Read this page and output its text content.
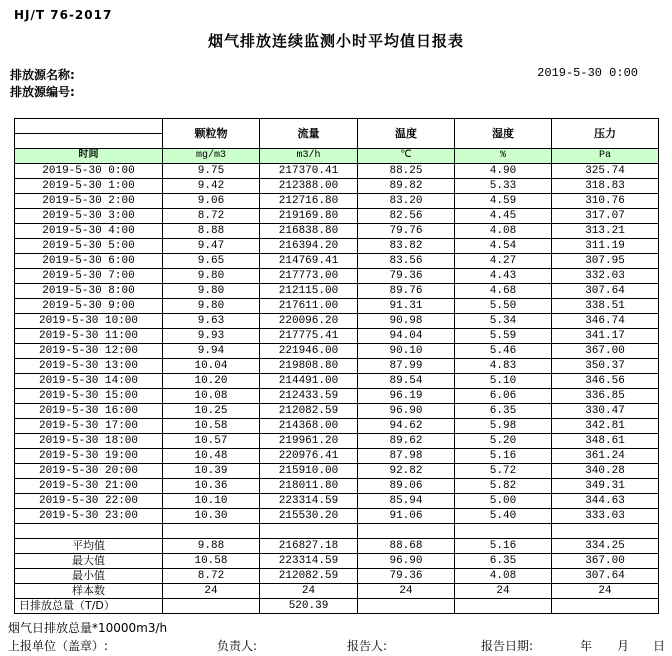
HJ/T 76-2017
烟气排放连续监测小时平均值日报表
排放源名称:	2019-5-30 0:00
排放源编号:
	颗粒物	流量	温度	湿度	压力

时间	mg/m3	m3/h	℃	%	Pa
2019-5-30 0:00	9.75	217370.41	88.25	4.90	325.74
2019-5-30 1:00	9.42	212388.00	89.82	5.33	318.83
2019-5-30 2:00	9.06	212716.80	83.20	4.59	310.76
2019-5-30 3:00	8.72	219169.80	82.56	4.45	317.07
2019-5-30 4:00	8.88	216838.80	79.76	4.08	313.21
2019-5-30 5:00	9.47	216394.20	83.82	4.54	311.19
2019-5-30 6:00	9.65	214769.41	83.56	4.27	307.95
2019-5-30 7:00	9.80	217773.00	79.36	4.43	332.03
2019-5-30 8:00	9.80	212115.00	89.76	4.68	307.64
2019-5-30 9:00	9.80	217611.00	91.31	5.50	338.51
2019-5-30 10:00	9.63	220096.20	90.98	5.34	346.74
2019-5-30 11:00	9.93	217775.41	94.04	5.59	341.17
2019-5-30 12:00	9.94	221946.00	90.10	5.46	367.00
2019-5-30 13:00	10.04	219808.80	87.99	4.83	350.37
2019-5-30 14:00	10.20	214491.00	89.54	5.10	346.56
2019-5-30 15:00	10.08	212433.59	96.19	6.06	336.85
2019-5-30 16:00	10.25	212082.59	96.90	6.35	330.47
2019-5-30 17:00	10.58	214368.00	94.62	5.98	342.81
2019-5-30 18:00	10.57	219961.20	89.62	5.20	348.61
2019-5-30 19:00	10.48	220976.41	87.98	5.16	361.24
2019-5-30 20:00	10.39	215910.00	92.82	5.72	340.28
2019-5-30 21:00	10.36	218011.80	89.06	5.82	349.31
2019-5-30 22:00	10.10	223314.59	85.94	5.00	344.63
2019-5-30 23:00	10.30	215530.20	91.06	5.40	333.03

平均值	9.88	216827.18	88.68	5.16	334.25
最大值	10.58	223314.59	96.90	6.35	367.00
最小值	8.72	212082.59	79.36	4.08	307.64
样本数	24	24	24	24	24
日排放总量（T/D）		520.39			
烟气日排放总量*10000m3/h
上报单位（盖章）:	负责人:	报告人:	报告日期:	年 月 日
